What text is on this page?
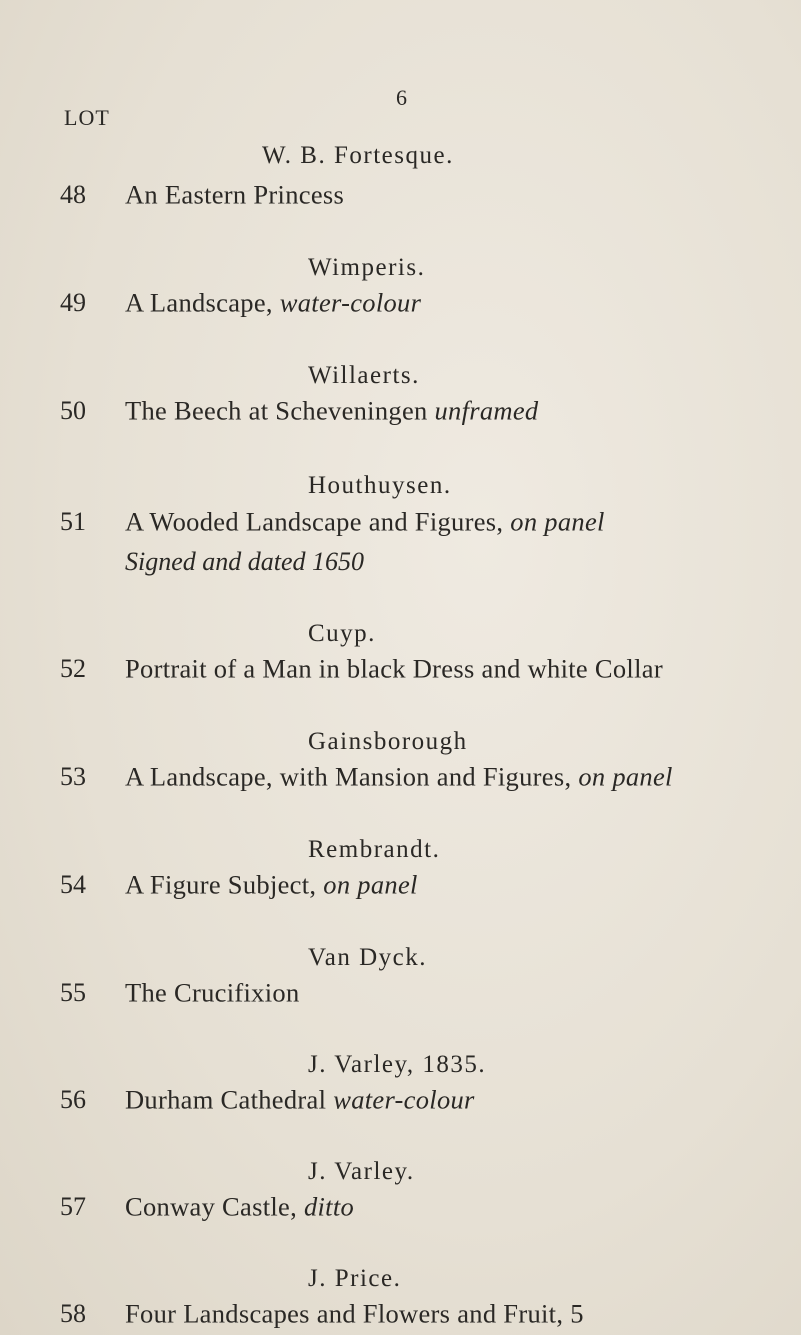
LOT
6
W. B. Fortesque.
48 An Eastern Princess
Wimperis.
49 A Landscape, water-colour
Willaerts.
50 The Beech at Scheveningen unframed
Houthuysen.
51 A Wooded Landscape and Figures, on panel
Signed and dated 1650
Cuyp.
52 Portrait of a Man in black Dress and white Collar
Gainsborough
53 A Landscape, with Mansion and Figures, on panel
Rembrandt.
54 A Figure Subject, on panel
Van Dyck.
55 The Crucifixion
J. Varley, 1835.
56 Durham Cathedral water-colour
J. Varley.
57 Conway Castle, ditto
J. Price.
58 Four Landscapes and Flowers and Fruit, 5
